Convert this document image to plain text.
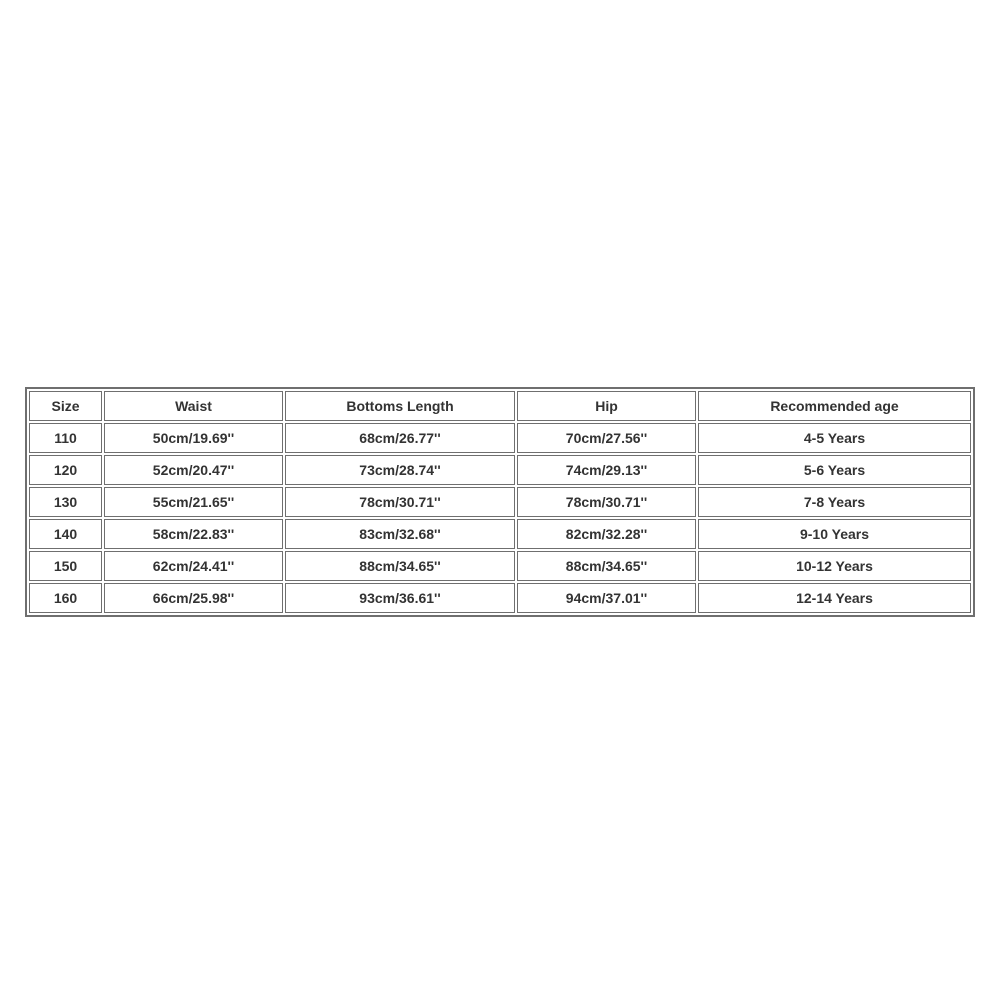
Size	Waist	Bottoms Length	Hip	Recommended age
110	50cm/19.69''	68cm/26.77''	70cm/27.56''	4-5 Years
120	52cm/20.47''	73cm/28.74''	74cm/29.13''	5-6 Years
130	55cm/21.65''	78cm/30.71''	78cm/30.71''	7-8 Years
140	58cm/22.83''	83cm/32.68''	82cm/32.28''	9-10 Years
150	62cm/24.41''	88cm/34.65''	88cm/34.65''	10-12 Years
160	66cm/25.98''	93cm/36.61''	94cm/37.01''	12-14 Years
